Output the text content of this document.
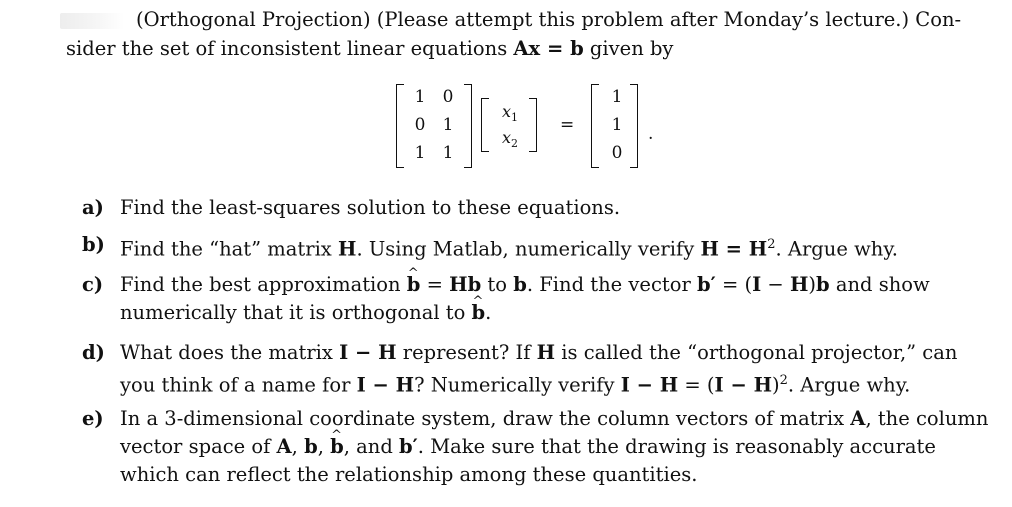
(Orthogonal Projection) (Please attempt this problem after Monday’s lecture.) Con-
sider the set of inconsistent linear equations Ax = b given by
1 0
0 1
1 1
$x_1$
$x_2$
=
1
1
0
.
a) Find the least-squares solution to these equations.
b) Find the “hat” matrix H. Using Matlab, numerically verify $H = H^2$. Argue why.
c) Find the best approximation ^ b = Hb to b. Find the vector b′ = (I − H)b and show
numerically that it is orthogonal to ^ b.
d) What does the matrix I − H represent? If H is called the “orthogonal projector,” can
you think of a name for I − H? Numerically verify $I - H = (I - H)^2$. Argue why.
e) In a 3-dimensional coordinate system, draw the column vectors of matrix A, the column
vector space of A, b, ^ b, and b′. Make sure that the drawing is reasonably accurate
which can reflect the relationship among these quantities.
